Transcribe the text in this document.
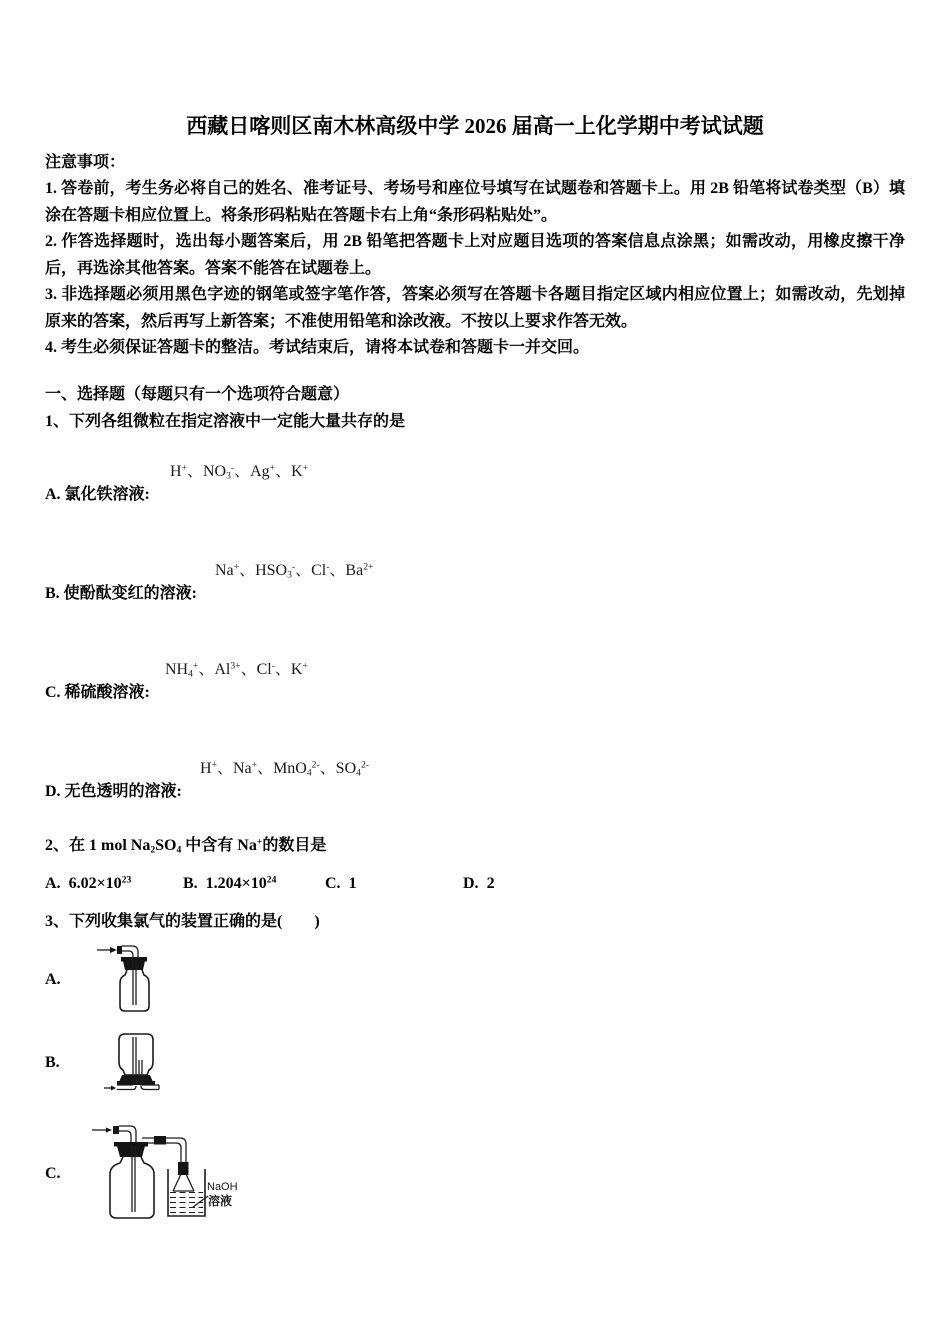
西藏日喀则区南木林高级中学 2026 届高一上化学期中考试试题

注意事项：

1. 答卷前，考生务必将自己的姓名、准考证号、考场号和座位号填写在试题卷和答题卡上。用 2B 铅笔将试卷类型（B）填涂在答题卡相应位置上。将条形码粘贴在答题卡右上角“条形码粘贴处”。

2. 作答选择题时，选出每小题答案后，用 2B 铅笔把答题卡上对应题目选项的答案信息点涂黑；如需改动，用橡皮擦干净后，再选涂其他答案。答案不能答在试题卷上。

3. 非选择题必须用黑色字迹的钢笔或签字笔作答，答案必须写在答题卡各题目指定区域内相应位置上；如需改动，先划掉原来的答案，然后再写上新答案；不准使用铅笔和涂改液。不按以上要求作答无效。

4. 考生必须保证答题卡的整洁。考试结束后，请将本试卷和答题卡一并交回。

一、选择题（每题只有一个选项符合题意）

1、下列各组微粒在指定溶液中一定能大量共存的是

H+、$NO_3^-$、Ag+、K+
A. 氯化铁溶液:
Na+、$HSO_3^-$、Cl-、$Ba^{2+}$
B. 使酚酞变红的溶液:
$NH_4^+$、$Al^{3+}$、Cl-、K+
C. 稀硫酸溶液:
H+、Na+、MnO$_4^{2-}$、$SO_4^{2-}$
D. 无色透明的溶液:

2、在 1 mol $Na_2SO_4$ 中含有 Na+的数目是

A. $6.02\times 10^{23}$	B. $1.204\times 10^{24}$	C. 1	D. 2

3、下列收集氯气的装置正确的是(　　)

A.
B.
C.
NaOH
溶液
